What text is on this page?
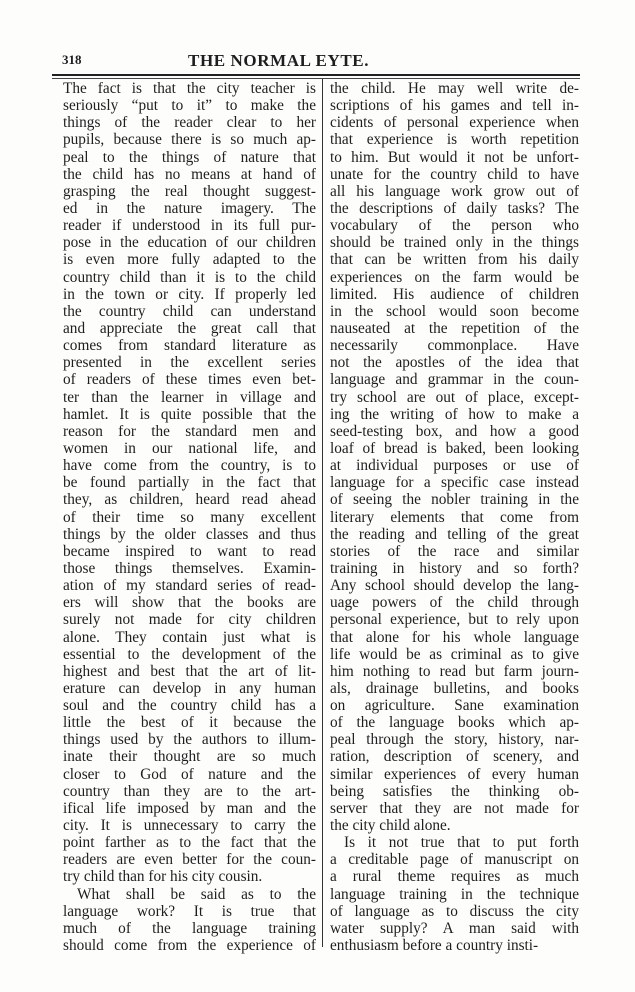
318	THE NORMAL EYTE.
The fact is that the city teacher is
seriously “put to it” to make the
things of the reader clear to her
pupils, because there is so much ap-
peal to the things of nature that
the child has no means at hand of
grasping the real thought suggest-
ed in the nature imagery. The
reader if understood in its full pur-
pose in the education of our children
is even more fully adapted to the
country child than it is to the child
in the town or city. If properly led
the country child can understand
and appreciate the great call that
comes from standard literature as
presented in the excellent series
of readers of these times even bet-
ter than the learner in village and
hamlet. It is quite possible that the
reason for the standard men and
women in our national life, and
have come from the country, is to
be found partially in the fact that
they, as children, heard read ahead
of their time so many excellent
things by the older classes and thus
became inspired to want to read
those things themselves. Examin-
ation of my standard series of read-
ers will show that the books are
surely not made for city children
alone. They contain just what is
essential to the development of the
highest and best that the art of lit-
erature can develop in any human
soul and the country child has a
little the best of it because the
things used by the authors to illum-
inate their thought are so much
closer to God of nature and the
country than they are to the art-
ifical life imposed by man and the
city. It is unnecessary to carry the
point farther as to the fact that the
readers are even better for the coun-
try child than for his city cousin.
What shall be said as to the
language work? It is true that
much of the language training
should come from the experience of
the child. He may well write de-
scriptions of his games and tell in-
cidents of personal experience when
that experience is worth repetition
to him. But would it not be unfort-
unate for the country child to have
all his language work grow out of
the descriptions of daily tasks? The
vocabulary of the person who
should be trained only in the things
that can be written from his daily
experiences on the farm would be
limited. His audience of children
in the school would soon become
nauseated at the repetition of the
necessarily commonplace. Have
not the apostles of the idea that
language and grammar in the coun-
try school are out of place, except-
ing the writing of how to make a
seed-testing box, and how a good
loaf of bread is baked, been looking
at individual purposes or use of
language for a specific case instead
of seeing the nobler training in the
literary elements that come from
the reading and telling of the great
stories of the race and similar
training in history and so forth?
Any school should develop the lang-
uage powers of the child through
personal experience, but to rely upon
that alone for his whole language
life would be as criminal as to give
him nothing to read but farm journ-
als, drainage bulletins, and books
on agriculture. Sane examination
of the language books which ap-
peal through the story, history, nar-
ration, description of scenery, and
similar experiences of every human
being satisfies the thinking ob-
server that they are not made for
the city child alone.
Is it not true that to put forth
a creditable page of manuscript on
a rural theme requires as much
language training in the technique
of language as to discuss the city
water supply? A man said with
enthusiasm before a country insti-
